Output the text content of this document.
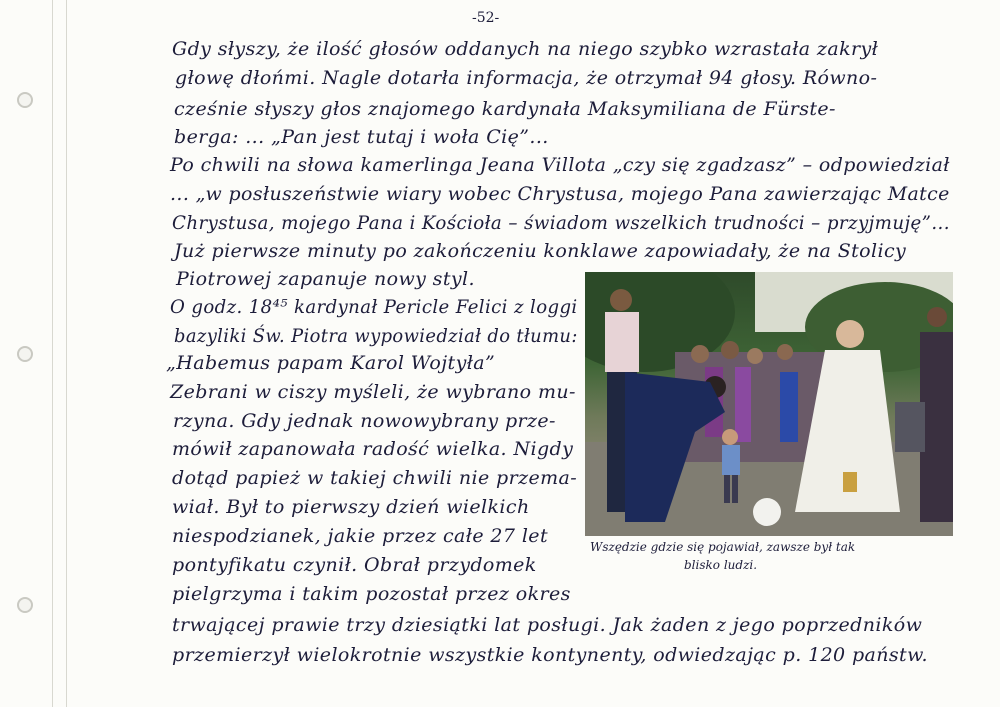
-52-
Gdy słyszy, że ilość głosów oddanych na niego szybko wzrastała zakrył
głowę dłońmi. Nagle dotarła informacja, że otrzymał 94 głosy. Równo-
cześnie słyszy głos znajomego kardynała Maksymiliana de Fürste-
berga: ... „Pan jest tutaj i woła Cię”...
Po chwili na słowa kamerlinga Jeana Villota „czy się zgadzasz” – odpowiedział
... „w posłuszeństwie wiary wobec Chrystusa, mojego Pana zawierzając Matce
Chrystusa, mojego Pana i Kościoła – świadom wszelkich trudności – przyjmuję”...
Już pierwsze minuty po zakończeniu konklawe zapowiadały, że na Stolicy
Piotrowej zapanuje nowy styl.
O godz. 18⁴⁵ kardynał Pericle Felici z loggi
bazyliki Św. Piotra wypowiedział do tłumu:
„Habemus papam Karol Wojtyła”
Zebrani w ciszy myśleli, że wybrano mu-
rzyna. Gdy jednak nowowybrany prze-
mówił zapanowała radość wielka. Nigdy
dotąd papież w takiej chwili nie przema-
wiał. Był to pierwszy dzień wielkich
niespodzianek, jakie przez całe 27 let
pontyfikatu czynił. Obrał przydomek
pielgrzyma i takim pozostał przez okres
trwającej prawie trzy dziesiątki lat posługi. Jak żaden z jego poprzedników
przemierzył wielokrotnie wszystkie kontynenty, odwiedzając p. 120 państw.
Wszędzie gdzie się pojawiał, zawsze był tak
blisko ludzi.
